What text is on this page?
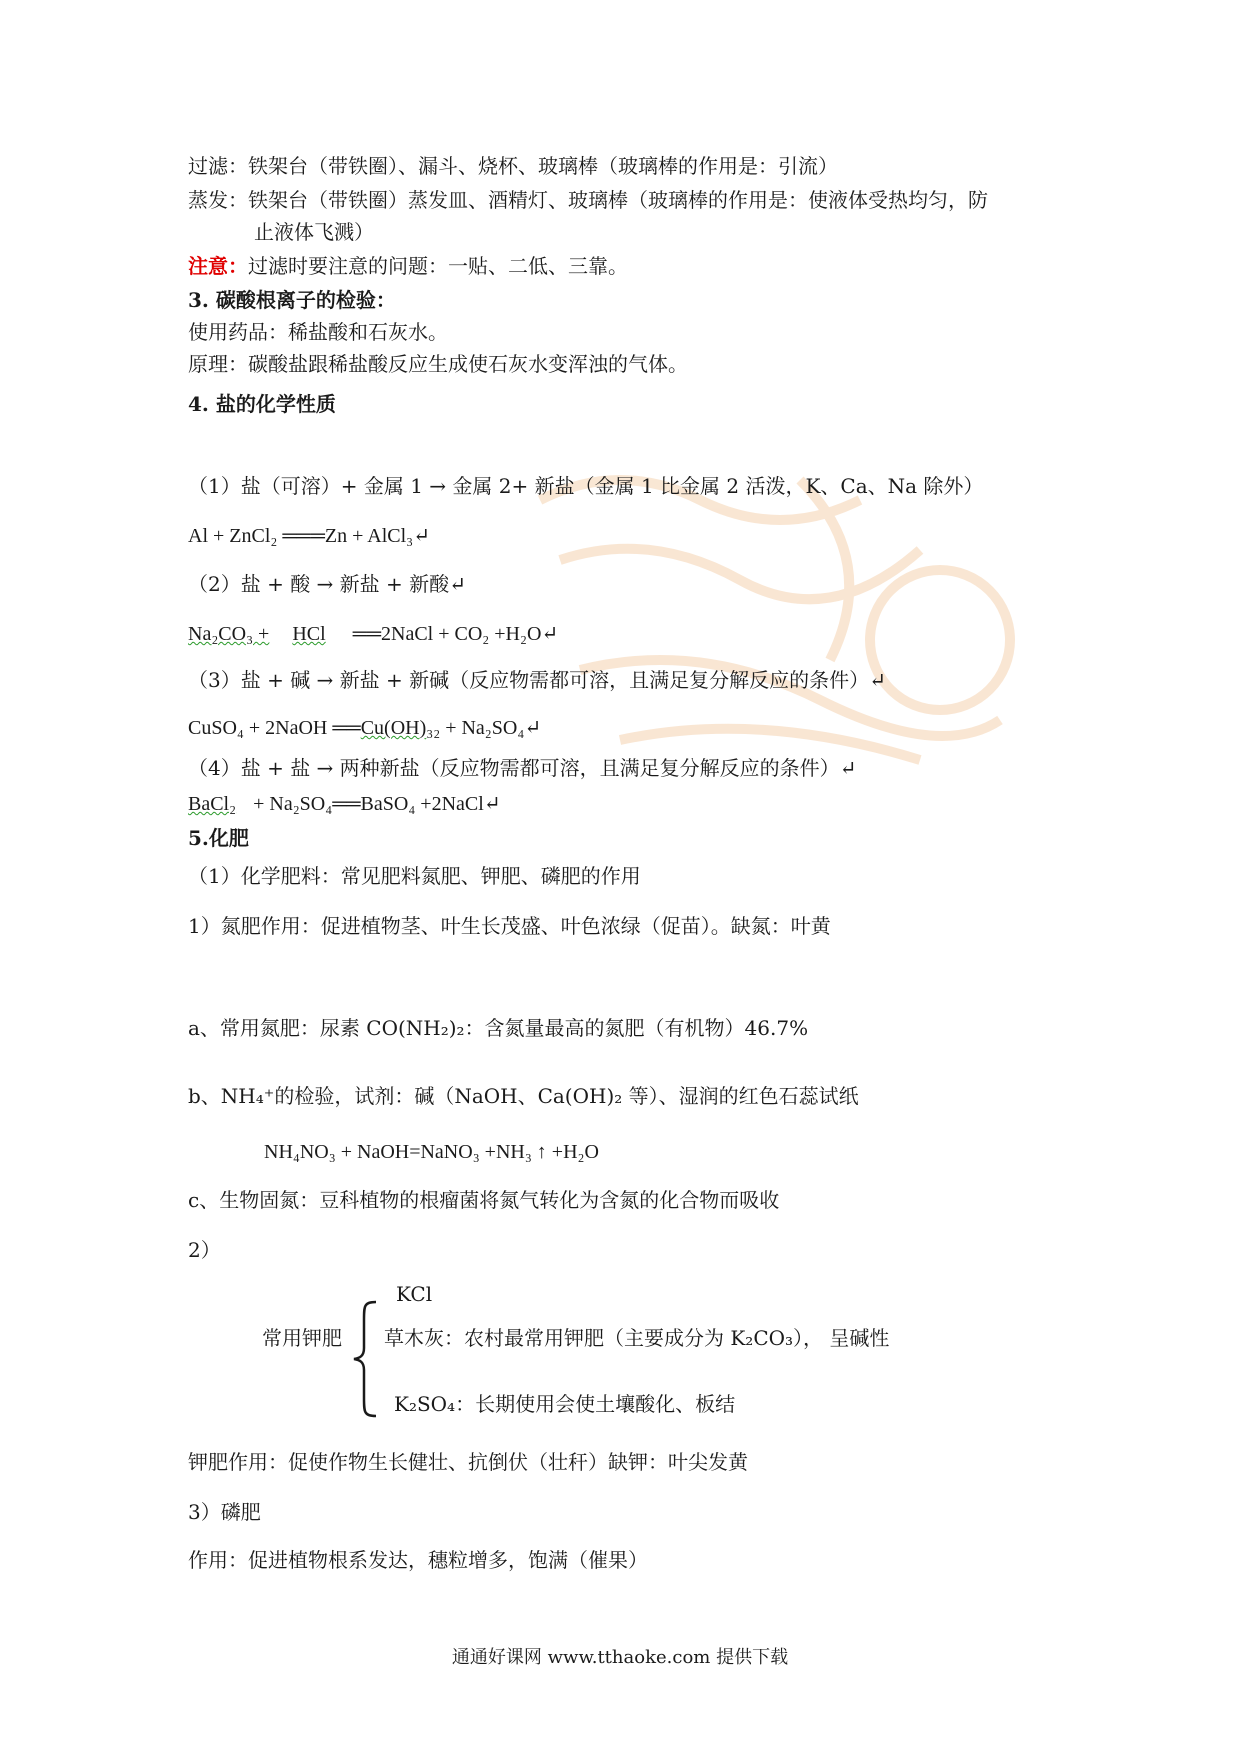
过滤：铁架台（带铁圈）、漏斗、烧杯、玻璃棒（玻璃棒的作用是：引流）
蒸发：铁架台（带铁圈）蒸发皿、酒精灯、玻璃棒（玻璃棒的作用是：使液体受热均匀，防
止液体飞溅）
注意：过滤时要注意的问题：一贴、二低、三靠。
3. 碳酸根离子的检验：
使用药品：稀盐酸和石灰水。
原理：碳酸盐跟稀盐酸反应生成使石灰水变浑浊的气体。
4. 盐的化学性质
（1）盐（可溶）+ 金属 1 → 金属 2+ 新盐（金属 1 比金属 2 活泼，K、Ca、Na 除外）
Al + ZnCl₂ ═══Zn + AlCl₃↵
（2）盐 + 酸 → 新盐 + 新酸↵
Na₂CO₃ + HCl ══2NaCl + CO₂ +H₂O↵
（3）盐 + 碱 → 新盐 + 新碱（反应物需都可溶，且满足复分解反应的条件）↵
CuSO₄ + 2NaOH ══Cu(OH)₃₂ + Na₂SO₄↵
（4）盐 + 盐 → 两种新盐（反应物需都可溶，且满足复分解反应的条件）↵
BaCl₂ + Na₂SO₄══BaSO₄ +2NaCl↵
5.化肥
（1）化学肥料：常见肥料氮肥、钾肥、磷肥的作用
1）氮肥作用：促进植物茎、叶生长茂盛、叶色浓绿（促苗）。缺氮：叶黄
a、常用氮肥：尿素 CO(NH₂)₂：含氮量最高的氮肥（有机物）46.7%
b、NH₄⁺的检验，试剂：碱（NaOH、Ca(OH)₂ 等）、湿润的红色石蕊试纸
NH₄NO₃ + NaOH=NaNO₃ +NH₃ ↑ +H₂O
c、生物固氮：豆科植物的根瘤菌将氮气转化为含氮的化合物而吸收
2）
KCl
常用钾肥 草木灰：农村最常用钾肥（主要成分为 K₂CO₃）， 呈碱性
K₂SO₄：长期使用会使土壤酸化、板结
钾肥作用：促使作物生长健壮、抗倒伏（壮秆）缺钾：叶尖发黄
3）磷肥
作用：促进植物根系发达，穗粒增多，饱满（催果）
通通好课网 www.tthaoke.com 提供下载
